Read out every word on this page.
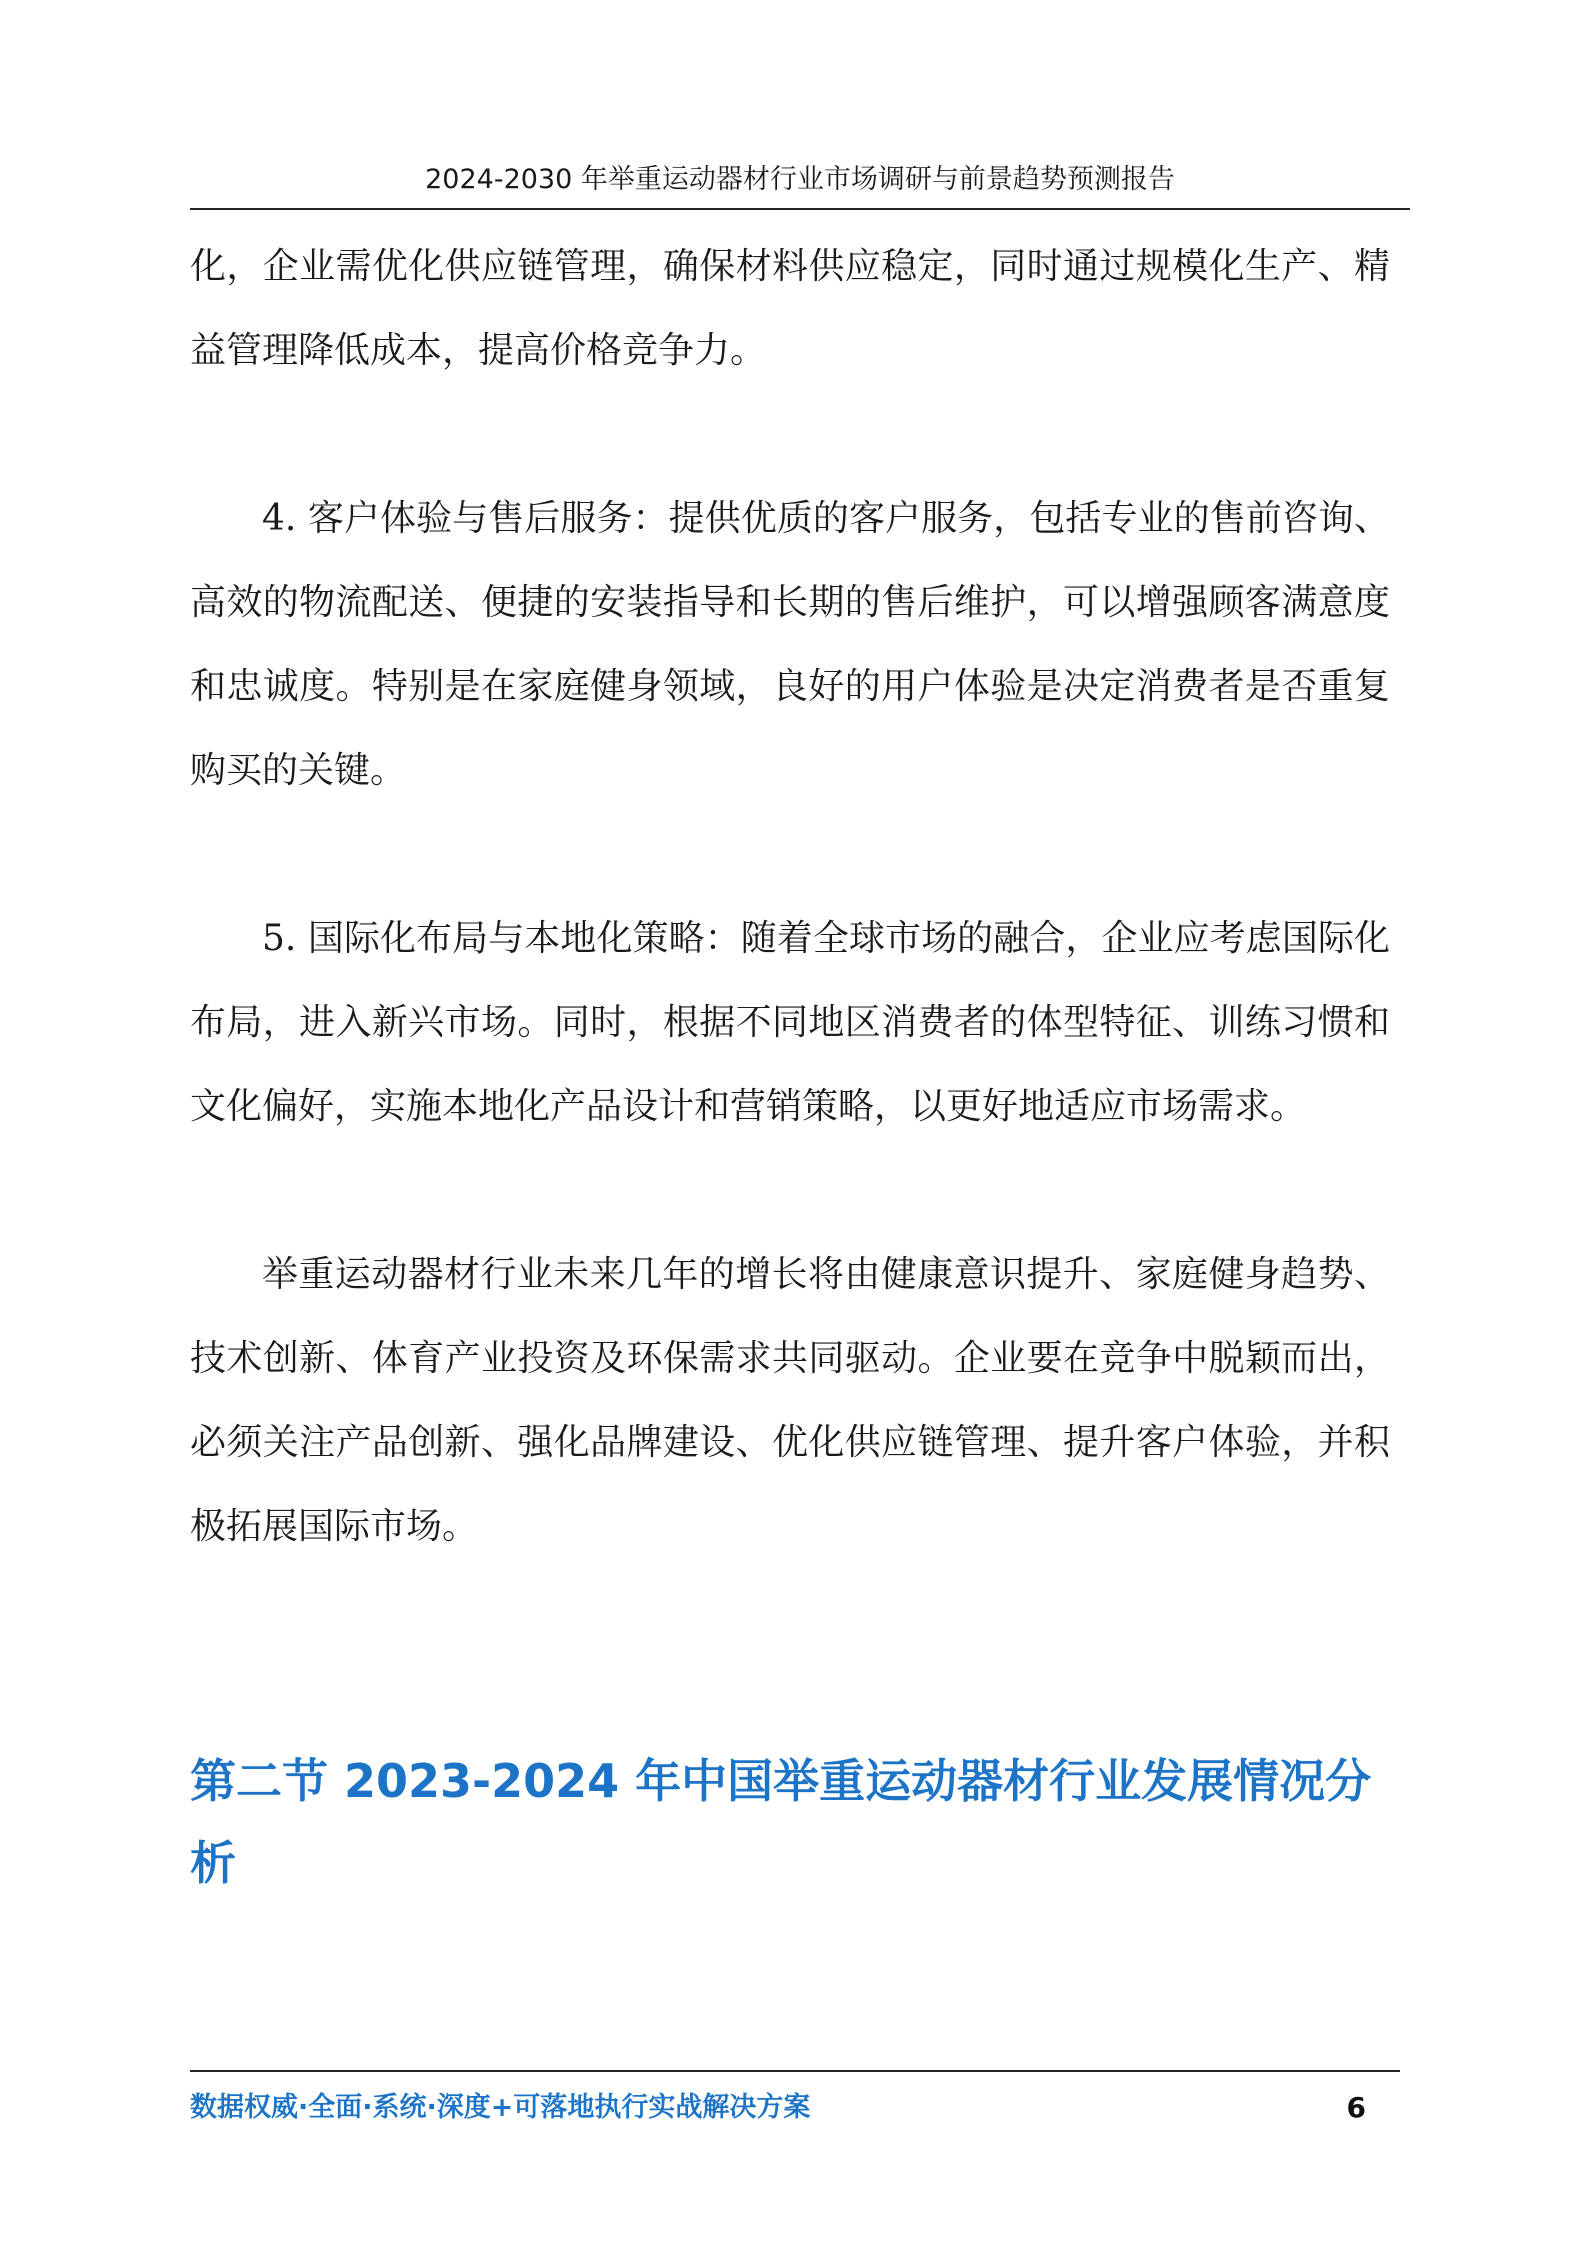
2024-2030 年举重运动器材行业市场调研与前景趋势预测报告

化，企业需优化供应链管理，确保材料供应稳定，同时通过规模化生产、精益管理降低成本，提高价格竞争力。

4. 客户体验与售后服务：提供优质的客户服务，包括专业的售前咨询、高效的物流配送、便捷的安装指导和长期的售后维护，可以增强顾客满意度和忠诚度。特别是在家庭健身领域，良好的用户体验是决定消费者是否重复购买的关键。

5. 国际化布局与本地化策略：随着全球市场的融合，企业应考虑国际化布局，进入新兴市场。同时，根据不同地区消费者的体型特征、训练习惯和文化偏好，实施本地化产品设计和营销策略，以更好地适应市场需求。

举重运动器材行业未来几年的增长将由健康意识提升、家庭健身趋势、技术创新、体育产业投资及环保需求共同驱动。企业要在竞争中脱颖而出，必须关注产品创新、强化品牌建设、优化供应链管理、提升客户体验，并积极拓展国际市场。

第二节 2023-2024 年中国举重运动器材行业发展情况分析
数据权威·全面·系统·深度+可落地执行实战解决方案	6
